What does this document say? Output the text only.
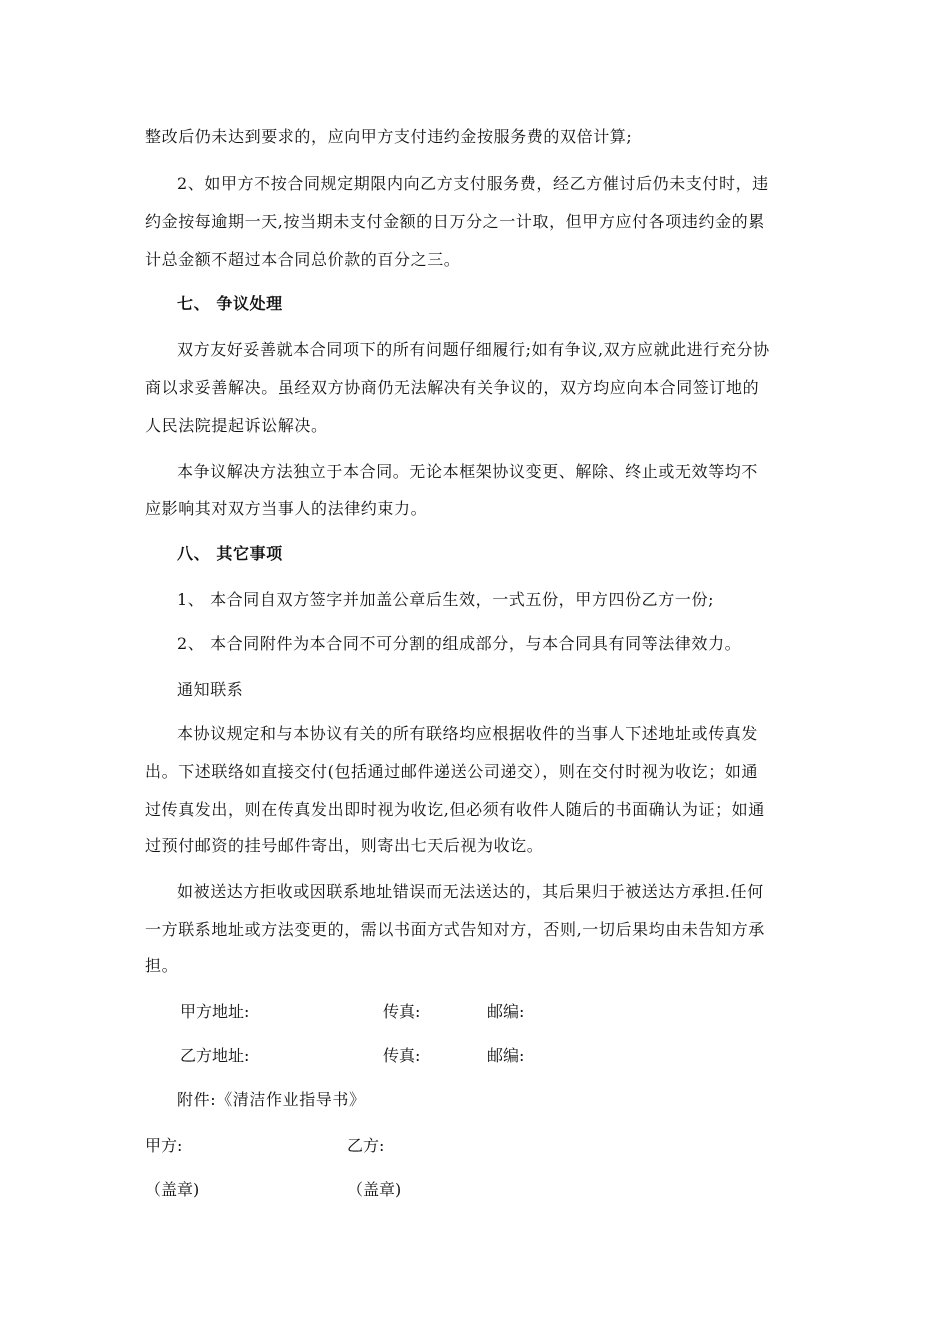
整改后仍未达到要求的，应向甲方支付违约金按服务费的双倍计算;
2、如甲方不按合同规定期限内向乙方支付服务费，经乙方催讨后仍未支付时，违
约金按每逾期一天,按当期未支付金额的日万分之一计取，但甲方应付各项违约金的累
计总金额不超过本合同总价款的百分之三。
七、 争议处理
双方友好妥善就本合同项下的所有问题仔细履行;如有争议,双方应就此进行充分协
商以求妥善解决。虽经双方协商仍无法解决有关争议的，双方均应向本合同签订地的
人民法院提起诉讼解决。
本争议解决方法独立于本合同。无论本框架协议变更、解除、终止或无效等均不
应影响其对双方当事人的法律约束力。
八、 其它事项
1、 本合同自双方签字并加盖公章后生效，一式五份，甲方四份乙方一份;
2、 本合同附件为本合同不可分割的组成部分，与本合同具有同等法律效力。
通知联系
本协议规定和与本协议有关的所有联络均应根据收件的当事人下述地址或传真发
出。下述联络如直接交付(包括通过邮件递送公司递交），则在交付时视为收讫；如通
过传真发出，则在传真发出即时视为收讫,但必须有收件人随后的书面确认为证；如通
过预付邮资的挂号邮件寄出，则寄出七天后视为收讫。
如被送达方拒收或因联系地址错误而无法送达的，其后果归于被送达方承担.任何
一方联系地址或方法变更的，需以书面方式告知对方，否则,一切后果均由未告知方承
担。
甲方地址:	传真:	邮编:
乙方地址:	传真:	邮编:
附件:《清洁作业指导书》
甲方:	乙方:
（盖章)	（盖章)
